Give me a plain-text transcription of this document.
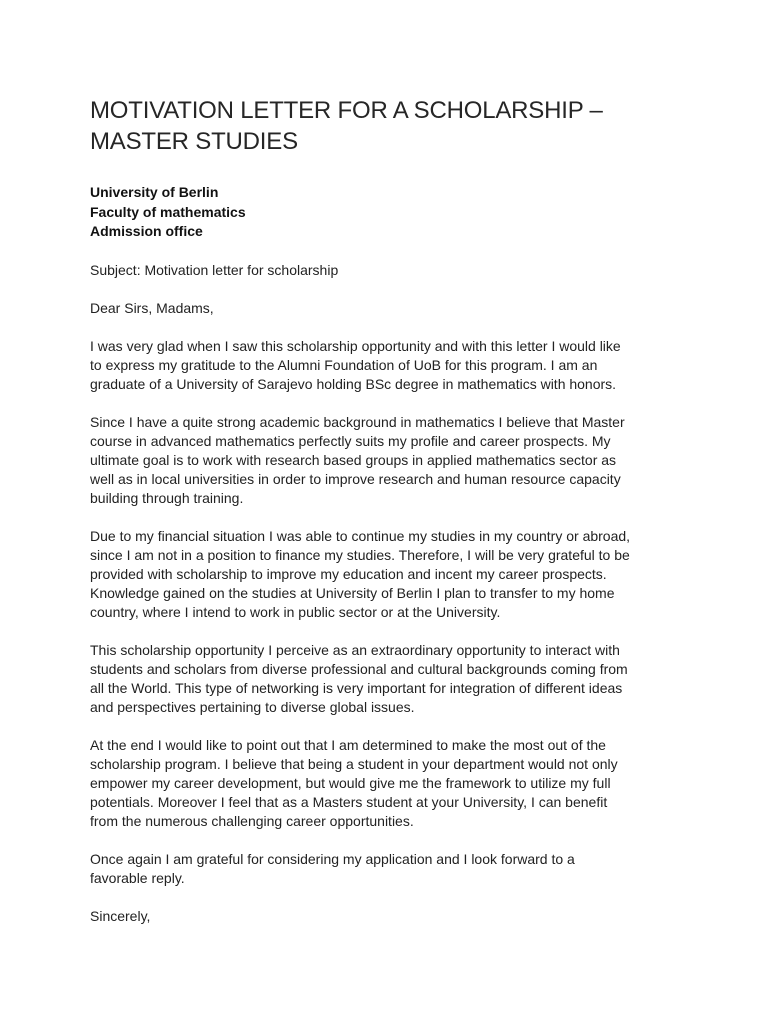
MOTIVATION LETTER FOR A SCHOLARSHIP –
MASTER STUDIES
University of Berlin
Faculty of mathematics
Admission office
Subject: Motivation letter for scholarship
Dear Sirs, Madams,
I was very glad when I saw this scholarship opportunity and with this letter I would like
to express my gratitude to the Alumni Foundation of UoB for this program. I am an
graduate of a University of Sarajevo holding BSc degree in mathematics with honors.
Since I have a quite strong academic background in mathematics I believe that Master
course in advanced mathematics perfectly suits my profile and career prospects. My
ultimate goal is to work with research based groups in applied mathematics sector as
well as in local universities in order to improve research and human resource capacity
building through training.
Due to my financial situation I was able to continue my studies in my country or abroad,
since I am not in a position to finance my studies. Therefore, I will be very grateful to be
provided with scholarship to improve my education and incent my career prospects.
Knowledge gained on the studies at University of Berlin I plan to transfer to my home
country, where I intend to work in public sector or at the University.
This scholarship opportunity I perceive as an extraordinary opportunity to interact with
students and scholars from diverse professional and cultural backgrounds coming from
all the World. This type of networking is very important for integration of different ideas
and perspectives pertaining to diverse global issues.
At the end I would like to point out that I am determined to make the most out of the
scholarship program. I believe that being a student in your department would not only
empower my career development, but would give me the framework to utilize my full
potentials. Moreover I feel that as a Masters student at your University, I can benefit
from the numerous challenging career opportunities.
Once again I am grateful for considering my application and I look forward to a
favorable reply.
Sincerely,
